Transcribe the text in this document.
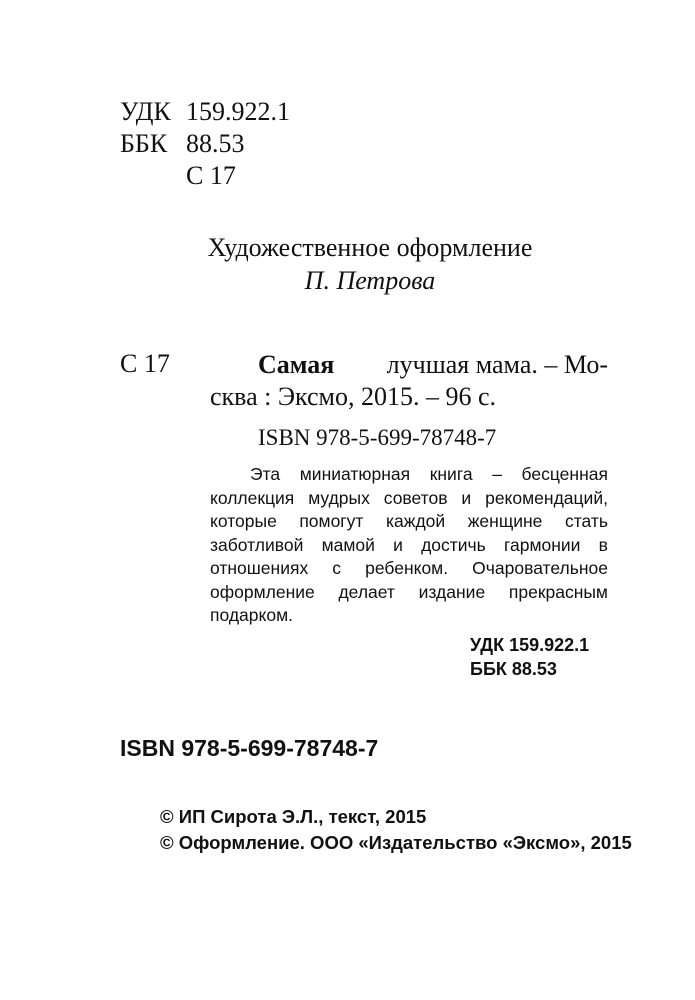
УДК 159.922.1
ББК 88.53
С 17
Художественное оформление
П. Петрова
С 17	Самая лучшая мама. – Мо-
сква : Эксмо, 2015. – 96 с.
ISBN 978-5-699-78748-7
Эта миниатюрная книга – бесценная
коллекция мудрых советов и рекомендаций,
которые помогут каждой женщине стать
заботливой мамой и достичь гармонии в
отношениях с ребенком. Очаровательное
оформление делает издание прекрасным
подарком.
УДК 159.922.1
ББК 88.53
ISBN 978-5-699-78748-7
© ИП Сирота Э.Л., текст, 2015
© Оформление. ООО «Издательство «Эксмо», 2015
